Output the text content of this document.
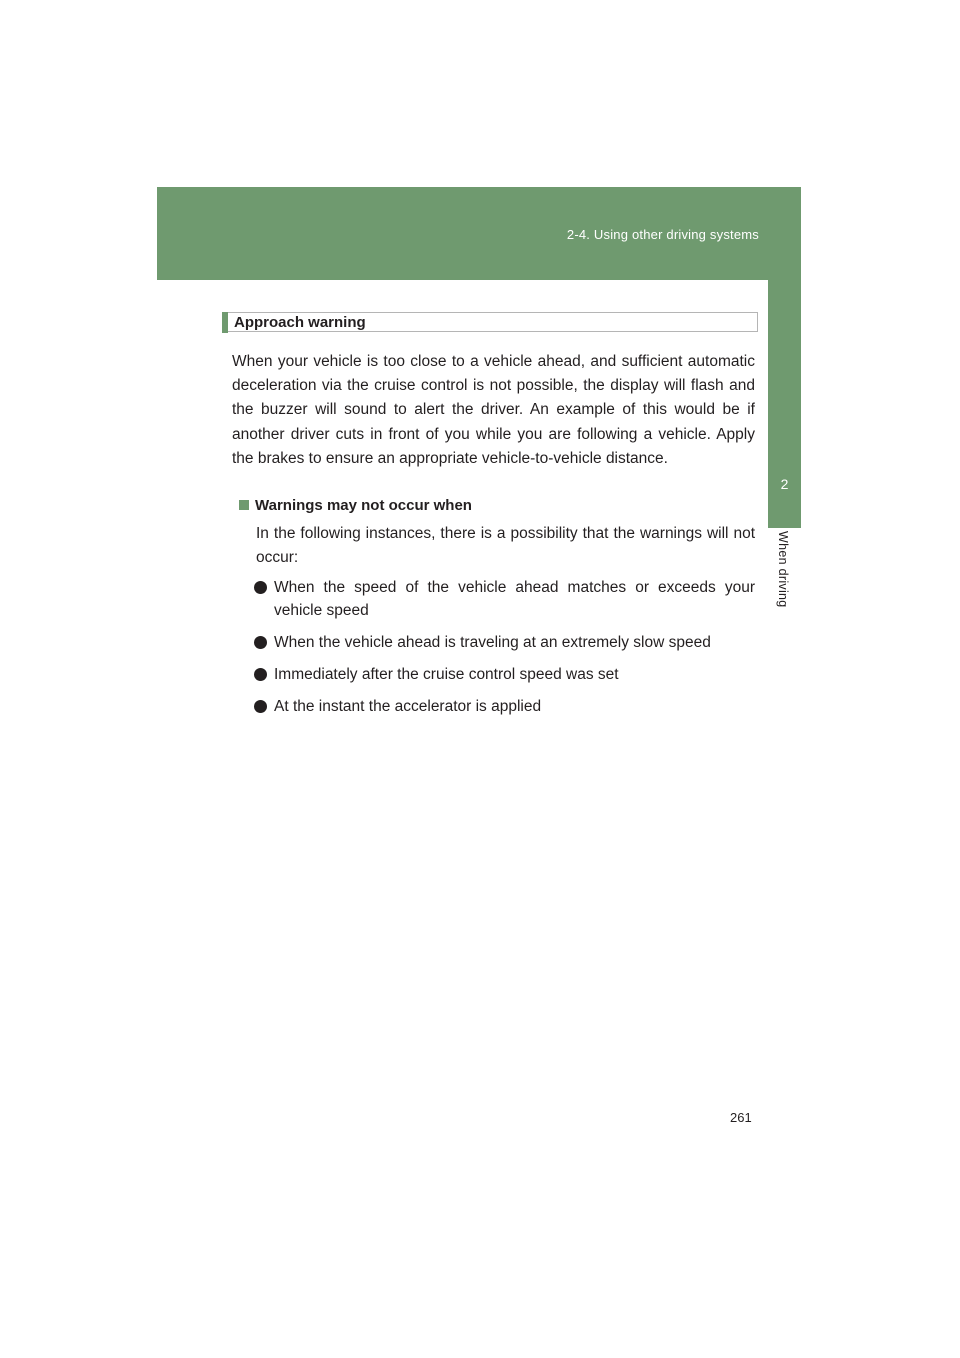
2-4. Using other driving systems
2
When driving
Approach warning
When your vehicle is too close to a vehicle ahead, and sufficient automatic deceleration via the cruise control is not possible, the display will flash and the buzzer will sound to alert the driver. An example of this would be if another driver cuts in front of you while you are following a vehicle. Apply the brakes to ensure an appropriate vehicle-to-vehicle distance.
Warnings may not occur when
In the following instances, there is a possibility that the warnings will not occur:
When the speed of the vehicle ahead matches or exceeds your vehicle speed
When the vehicle ahead is traveling at an extremely slow speed
Immediately after the cruise control speed was set
At the instant the accelerator is applied
261
